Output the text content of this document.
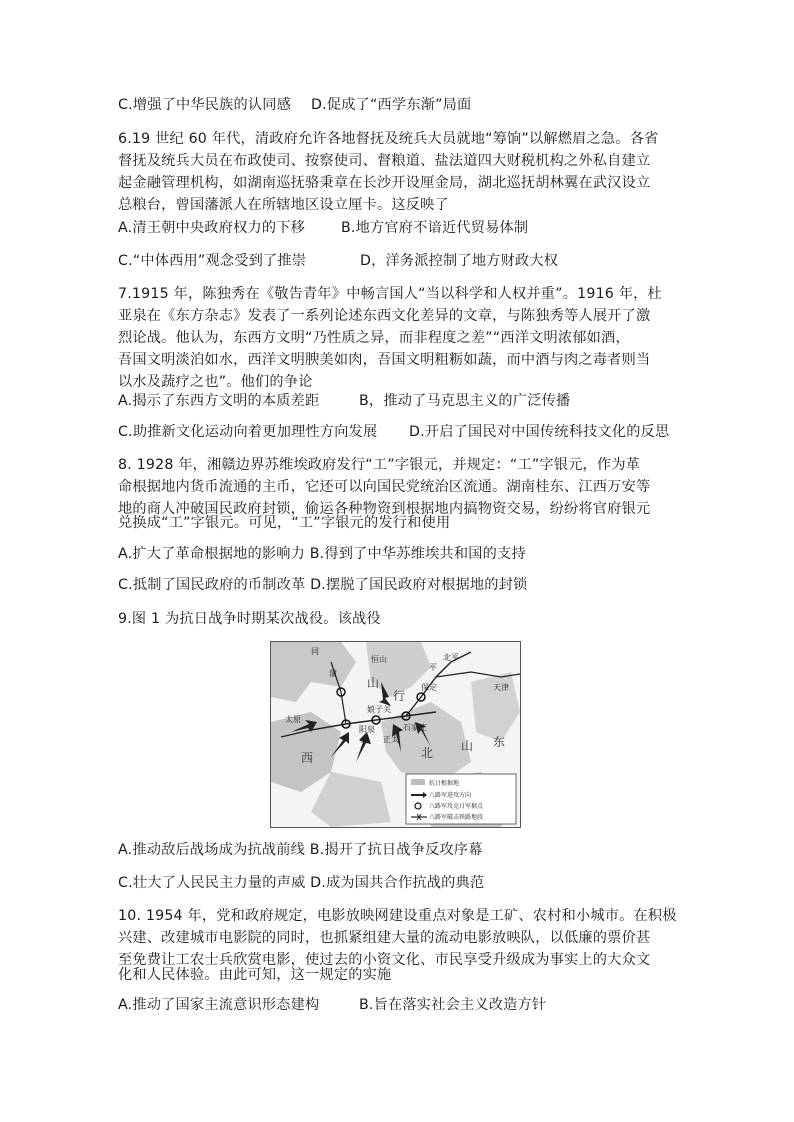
C.增强了中华民族的认同感 D.促成了“西学东渐”局面
6.19 世纪 60 年代，清政府允许各地督抚及统兵大员就地“筹饷”以解燃眉之急。各省
督抚及统兵大员在布政使司、按察使司、督粮道、盐法道四大财税机构之外私自建立
起金融管理机构，如湖南巡抚骆秉章在长沙开设厘金局，湖北巡抚胡林翼在武汉设立
总粮台，曾国藩派人在所辖地区设立厘卡。这反映了
A.清王朝中央政府权力的下移	B.地方官府不谙近代贸易体制
C.“中体西用”观念受到了推崇	D，洋务派控制了地方财政大权
7.1915 年，陈独秀在《敬告青年》中畅言国人“当以科学和人权并重”。1916 年，杜
亚泉在《东方杂志》发表了一系列论述东西文化差异的文章，与陈独秀等人展开了激
烈论战。他认为，东西方文明“乃性质之异，而非程度之差”“西洋文明浓郁如酒，
吾国文明淡泊如水，西洋文明腴美如肉，吾国文明粗粝如蔬，而中酒与肉之毒者则当
以水及蔬疗之也”。他们的争论
A.揭示了东西方文明的本质差距	B，推动了马克思主义的广泛传播
C.助推新文化运动向着更加理性方向发展 D.开启了国民对中国传统科技文化的反思
8. 1928 年，湘赣边界苏维埃政府发行“工”字银元，并规定：“工”字银元，作为革
命根据地内货币流通的主币，它还可以向国民党统治区流通。湖南桂东、江西万安等
地的商人冲破国民政府封锁，偷运各种物资到根据地内搞物资交易，纷纷将官府银元
兑换成“工”字银元。可见，“工”字银元的发行和使用
A.扩大了革命根据地的影响力 B.得到了中华苏维埃共和国的支持
C.抵制了国民政府的币制改革 D.摆脱了国民政府对根据地的封锁
9.图 1 为抗日战争时期某次战役。该战役
同
蒲
恒山
山
行
平
北平
天津
阳泉	石家庄
西	北 山 东
太原
娘子关
保定
正太
抗日根据地
八路军进攻方向
八路军攻克日军据点
八路军破击铁路地段
A.推动敌后战场成为抗战前线 B.揭开了抗日战争反攻序幕
C.壮大了人民民主力量的声威 D.成为国共合作抗战的典范
10. 1954 年，党和政府规定，电影放映网建设重点对象是工矿、农村和小城市。在积极
兴建、改建城市电影院的同时，也抓紧组建大量的流动电影放映队，以低廉的票价甚
至免费让工农士兵欣赏电影，使过去的小资文化、市民享受升级成为事实上的大众文
化和人民体验。由此可知，这一规定的实施
A.推动了国家主流意识形态建构	B.旨在落实社会主义改造方针
